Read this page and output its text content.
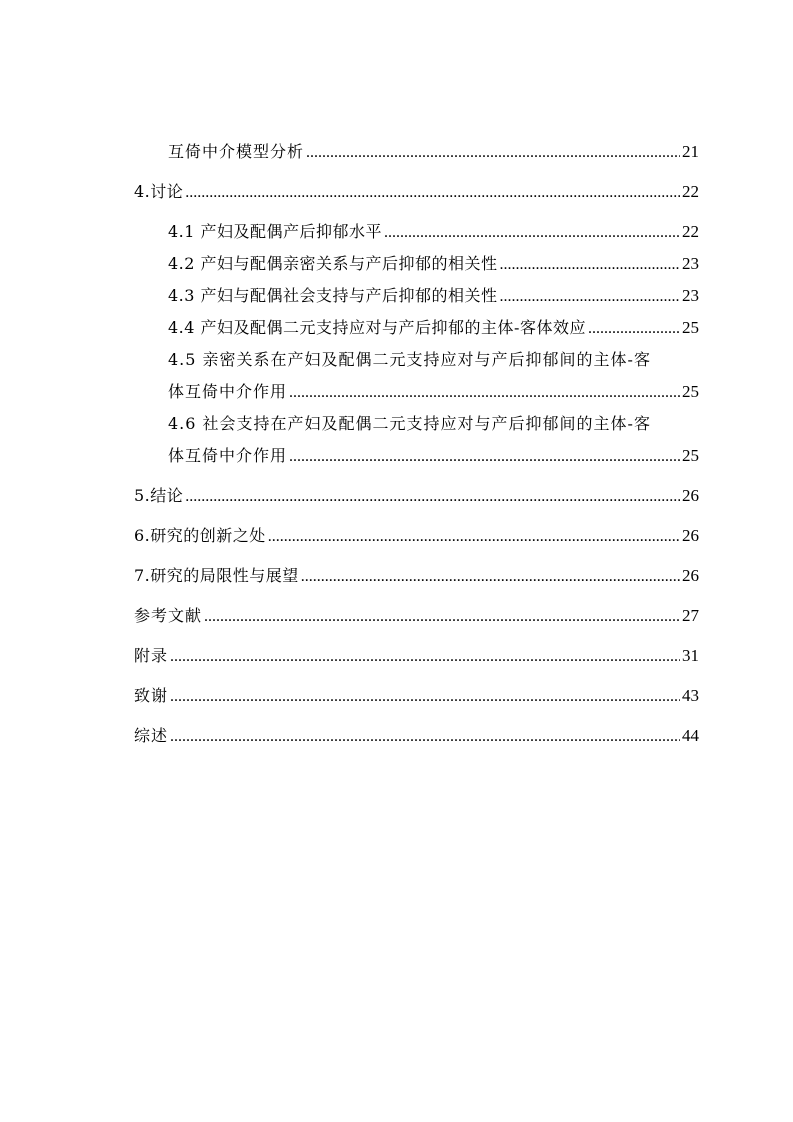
互倚中介模型分析 .....	21
4.讨论 .....	22
4.1 产妇及配偶产后抑郁水平 .....	22
4.2 产妇与配偶亲密关系与产后抑郁的相关性 .....	23
4.3 产妇与配偶社会支持与产后抑郁的相关性 .....	23
4.4 产妇及配偶二元支持应对与产后抑郁的主体-客体效应 .....	25
4.5 亲密关系在产妇及配偶二元支持应对与产后抑郁间的主体-客
体互倚中介作用 .....	25
4.6 社会支持在产妇及配偶二元支持应对与产后抑郁间的主体-客
体互倚中介作用 .....	25
5.结论 .....	26
6.研究的创新之处 .....	26
7.研究的局限性与展望 .....	26
参考文献 .....	27
附录 .....	31
致谢 .....	43
综述 .....	44
